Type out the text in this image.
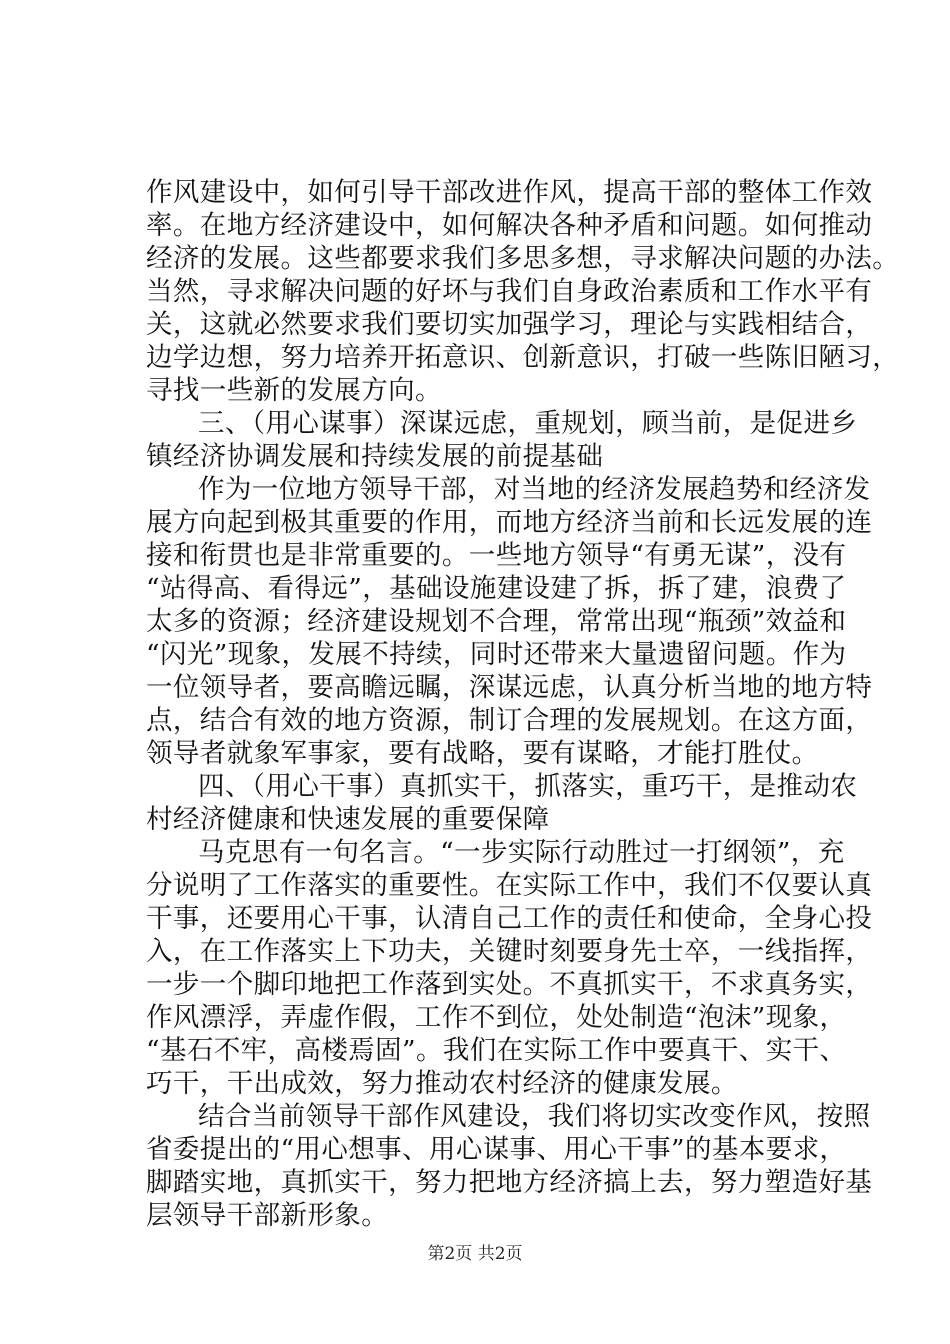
作风建设中，如何引导干部改进作风，提高干部的整体工作效
率。在地方经济建设中，如何解决各种矛盾和问题。如何推动
经济的发展。这些都要求我们多思多想，寻求解决问题的办法。
当然，寻求解决问题的好坏与我们自身政治素质和工作水平有
关，这就必然要求我们要切实加强学习，理论与实践相结合，
边学边想，努力培养开拓意识、创新意识，打破一些陈旧陋习，
寻找一些新的发展方向。
三、（用心谋事）深谋远虑，重规划，顾当前，是促进乡
镇经济协调发展和持续发展的前提基础
作为一位地方领导干部，对当地的经济发展趋势和经济发
展方向起到极其重要的作用，而地方经济当前和长远发展的连
接和衔贯也是非常重要的。一些地方领导“有勇无谋”，没有
“站得高、看得远”，基础设施建设建了拆，拆了建，浪费了
太多的资源；经济建设规划不合理，常常出现“瓶颈”效益和
“闪光”现象，发展不持续，同时还带来大量遗留问题。作为
一位领导者，要高瞻远瞩，深谋远虑，认真分析当地的地方特
点，结合有效的地方资源，制订合理的发展规划。在这方面，
领导者就象军事家，要有战略，要有谋略，才能打胜仗。
四、（用心干事）真抓实干，抓落实，重巧干，是推动农
村经济健康和快速发展的重要保障
马克思有一句名言。“一步实际行动胜过一打纲领”，充
分说明了工作落实的重要性。在实际工作中，我们不仅要认真
干事，还要用心干事，认清自己工作的责任和使命，全身心投
入，在工作落实上下功夫，关键时刻要身先士卒，一线指挥，
一步一个脚印地把工作落到实处。不真抓实干，不求真务实，
作风漂浮，弄虚作假，工作不到位，处处制造“泡沫”现象，
“基石不牢，高楼焉固”。我们在实际工作中要真干、实干、
巧干，干出成效，努力推动农村经济的健康发展。
结合当前领导干部作风建设，我们将切实改变作风，按照
省委提出的“用心想事、用心谋事、用心干事”的基本要求，
脚踏实地，真抓实干，努力把地方经济搞上去，努力塑造好基
层领导干部新形象。
第2页 共2页
